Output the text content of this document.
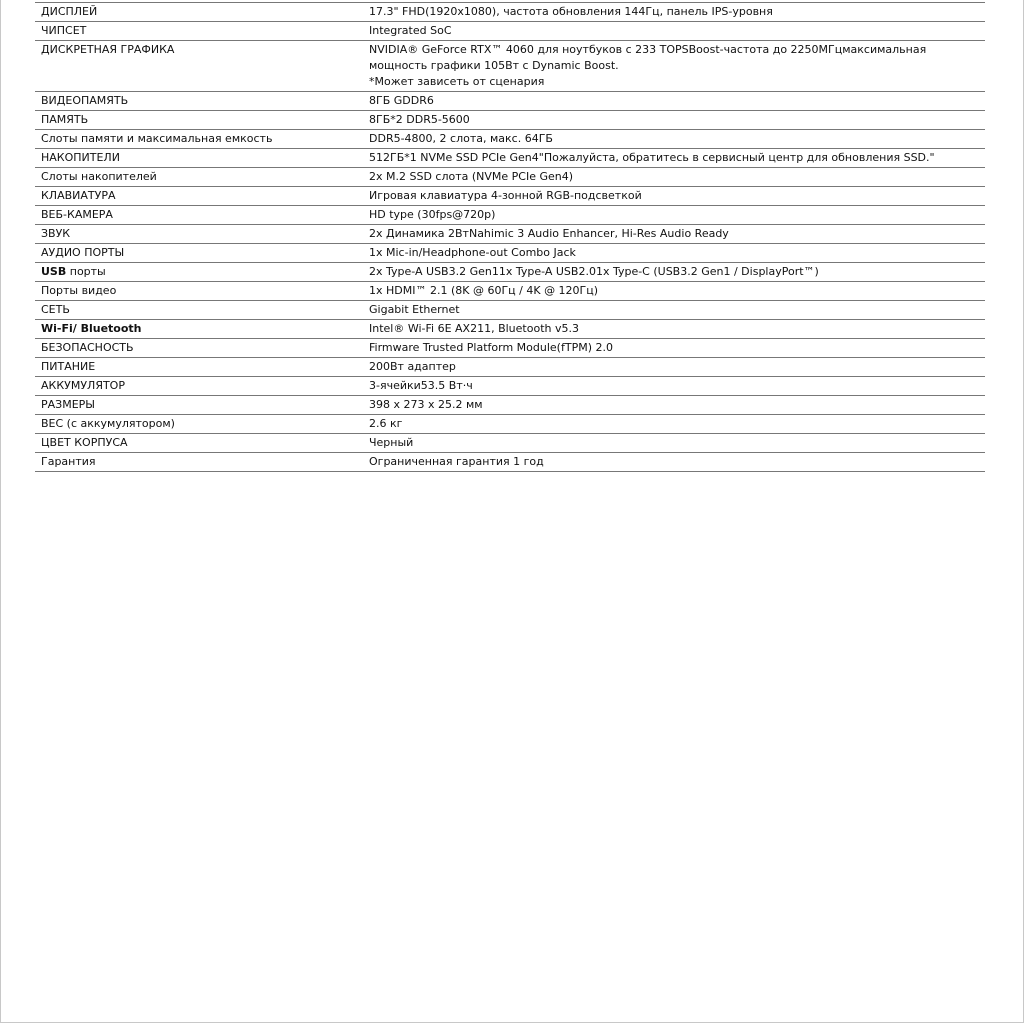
ДИСПЛЕЙ	17.3" FHD(1920x1080), частота обновления 144Гц, панель IPS-уровня

ЧИПСЕТ	Integrated SoC

ДИСКРЕТНАЯ ГРАФИКА	NVIDIA® GeForce RTX™ 4060 для ноутбуков с 233 TOPSBoost-частота до 2250МГцмаксимальная мощность графики 105Вт с Dynamic Boost.
*Может зависеть от сценария

ВИДЕОПАМЯТЬ	8ГБ GDDR6

ПАМЯТЬ	8ГБ*2 DDR5-5600

Слоты памяти и максимальная емкость	DDR5-4800, 2 слота, макс. 64ГБ

НАКОПИТЕЛИ	512ГБ*1 NVMe SSD PCIe Gen4"Пожалуйста, обратитесь в сервисный центр для обновления SSD."

Слоты накопителей	2x M.2 SSD слота (NVMe PCIe Gen4)

КЛАВИАТУРА	Игровая клавиатура 4-зонной RGB-подсветкой

ВЕБ-КАМЕРА	HD type (30fps@720p)

ЗВУК	2x Динамика 2ВтNahimic 3 Audio Enhancer, Hi-Res Audio Ready

АУДИО ПОРТЫ	1x Mic-in/Headphone-out Combo Jack

USB порты	2x Type-A USB3.2 Gen11x Type-A USB2.01x Type-C (USB3.2 Gen1 / DisplayPort™)

Порты видео	1x HDMI™ 2.1 (8K @ 60Гц / 4K @ 120Гц)

СЕТЬ	Gigabit Ethernet

Wi-Fi/ Bluetooth	Intel® Wi-Fi 6E AX211, Bluetooth v5.3

БЕЗОПАСНОСТЬ	Firmware Trusted Platform Module(fTPM) 2.0

ПИТАНИЕ	200Вт адаптер

АККУМУЛЯТОР	3-ячейки53.5 Вт·ч

РАЗМЕРЫ	398 x 273 x 25.2 мм

ВЕС (с аккумулятором)	2.6 кг

ЦВЕТ КОРПУСА	Черный

Гарантия	Ограниченная гарантия 1 год
